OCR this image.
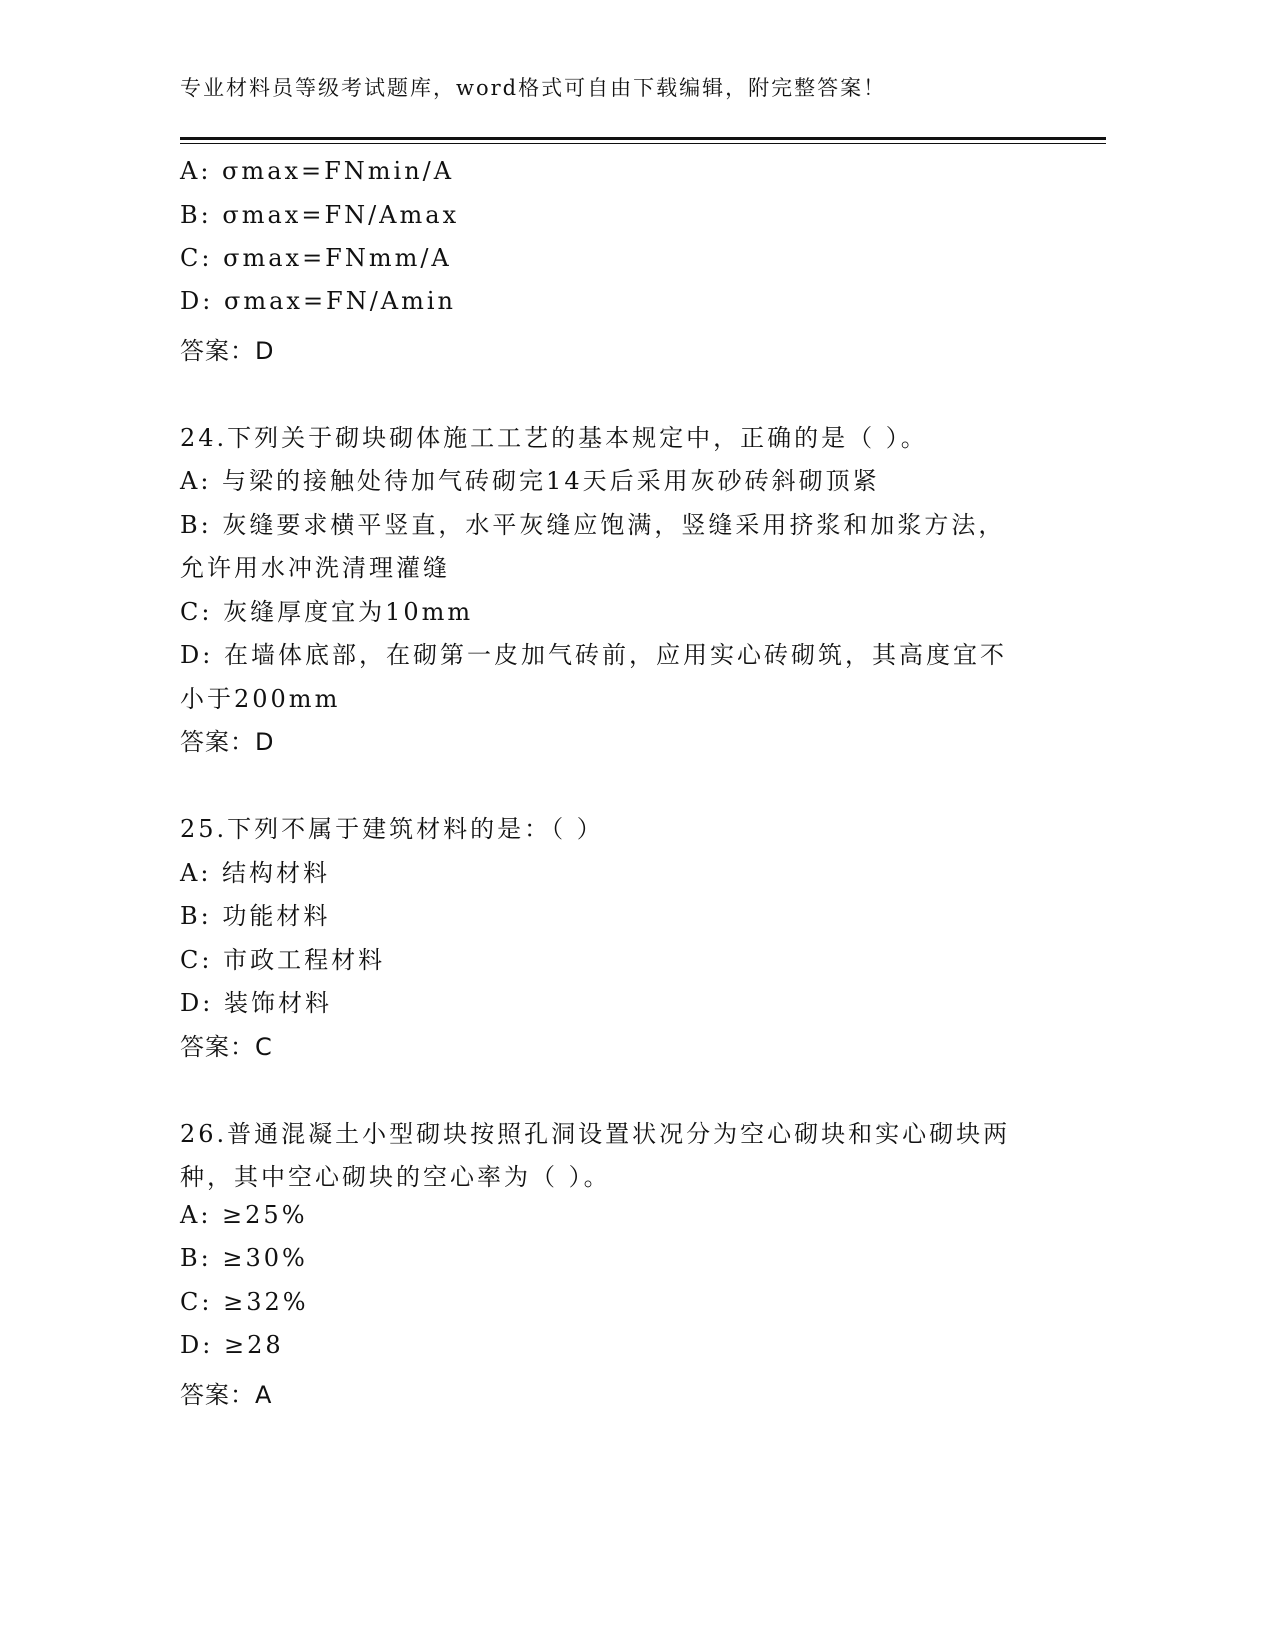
专业材料员等级考试题库，word格式可自由下载编辑，附完整答案！
A: σmax=FNmin/A
B: σmax=FN/Amax
C: σmax=FNmm/A
D: σmax=FN/Amin
答案：D
24.下列关于砌块砌体施工工艺的基本规定中，正确的是（ ）。
A: 与梁的接触处待加气砖砌完14天后采用灰砂砖斜砌顶紧
B: 灰缝要求横平竖直，水平灰缝应饱满，竖缝采用挤浆和加浆方法，
允许用水冲洗清理灌缝
C: 灰缝厚度宜为10mm
D: 在墙体底部，在砌第一皮加气砖前，应用实心砖砌筑，其高度宜不
小于200mm
答案：D
25.下列不属于建筑材料的是：（ ）
A: 结构材料
B: 功能材料
C: 市政工程材料
D: 装饰材料
答案：C
26.普通混凝土小型砌块按照孔洞设置状况分为空心砌块和实心砌块两
种，其中空心砌块的空心率为（ ）。
A: ≥25%
B: ≥30%
C: ≥32%
D: ≥28
答案：A
